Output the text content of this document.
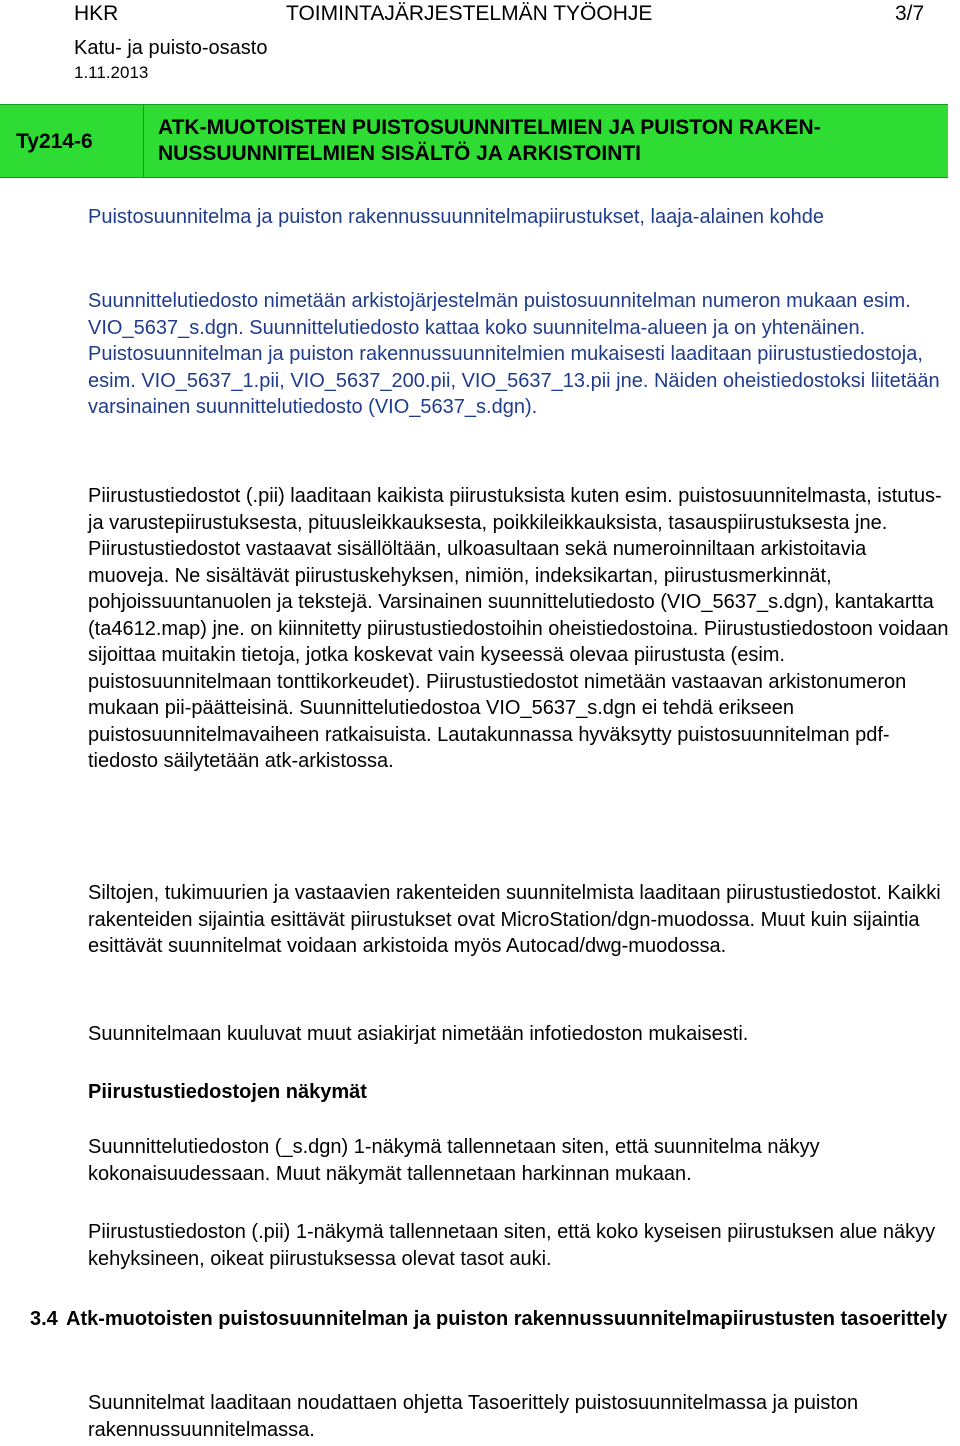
HKR	TOIMINTAJÄRJESTELMÄN TYÖOHJE	3/7
Katu- ja puisto-osasto
1.11.2013
Ty214-6
ATK-MUOTOISTEN PUISTOSUUNNITELMIEN JA PUISTON RAKEN-NUSSUUNNITELMIEN SISÄLTÖ JA ARKISTOINTI
Puistosuunnitelma ja puiston rakennussuunnitelmapiirustukset, laaja-alainen kohde
Suunnittelutiedosto nimetään arkistojärjestelmän puistosuunnitelman numeron mukaan esim. VIO_5637_s.dgn. Suunnittelutiedosto kattaa koko suunnitelma-alueen ja on yhtenäinen. Puistosuunnitelman ja puiston rakennussuunnitelmien mukaisesti laaditaan piirustustiedostoja, esim. VIO_5637_1.pii, VIO_5637_200.pii, VIO_5637_13.pii jne. Näiden oheistiedostoksi liitetään varsinainen suunnittelutiedosto (VIO_5637_s.dgn).
Piirustustiedostot (.pii) laaditaan kaikista piirustuksista kuten esim. puistosuunnitelmasta, istutus- ja varustepiirustuksesta, pituusleikkauksesta, poikkileikkauksista, tasauspiirustuksesta jne. Piirustustiedostot vastaavat sisällöltään, ulkoasultaan sekä numeroinniltaan arkistoitavia muoveja. Ne sisältävät piirustuskehyksen, nimiön, indeksikartan, piirustusmerkinnät, pohjoissuuntanuolen ja tekstejä. Varsinainen suunnittelutiedosto (VIO_5637_s.dgn), kantakartta (ta4612.map) jne. on kiinnitetty piirustustiedostoihin oheistiedostoina. Piirustustiedostoon voidaan sijoittaa muitakin tietoja, jotka koskevat vain kyseessä olevaa piirustusta (esim. puistosuunnitelmaan tonttikorkeudet). Piirustustiedostot nimetään vastaavan arkistonumeron mukaan pii-päätteisinä. Suunnittelutiedostoa VIO_5637_s.dgn ei tehdä erikseen puistosuunnitelmavaiheen ratkaisuista. Lautakunnassa hyväksytty puistosuunnitelman pdf-tiedosto säilytetään atk-arkistossa.
Siltojen, tukimuurien ja vastaavien rakenteiden suunnitelmista laaditaan piirustustiedostot. Kaikki rakenteiden sijaintia esittävät piirustukset ovat MicroStation/dgn-muodossa. Muut kuin sijaintia esittävät suunnitelmat voidaan arkistoida myös Autocad/dwg-muodossa.
Suunnitelmaan kuuluvat muut asiakirjat nimetään infotiedoston mukaisesti.
Piirustustiedostojen näkymät
Suunnittelutiedoston (_s.dgn) 1-näkymä tallennetaan siten, että suunnitelma näkyy kokonaisuudessaan. Muut näkymät tallennetaan harkinnan mukaan.
Piirustustiedoston (.pii) 1-näkymä tallennetaan siten, että koko kyseisen piirustuksen alue näkyy kehyksineen, oikeat piirustuksessa olevat tasot auki.
3.4 Atk-muotoisten puistosuunnitelman ja puiston rakennussuunnitelmapiirustusten tasoerittely
Suunnitelmat laaditaan noudattaen ohjetta Tasoerittely puistosuunnitelmassa ja puiston rakennussuunnitelmassa.
